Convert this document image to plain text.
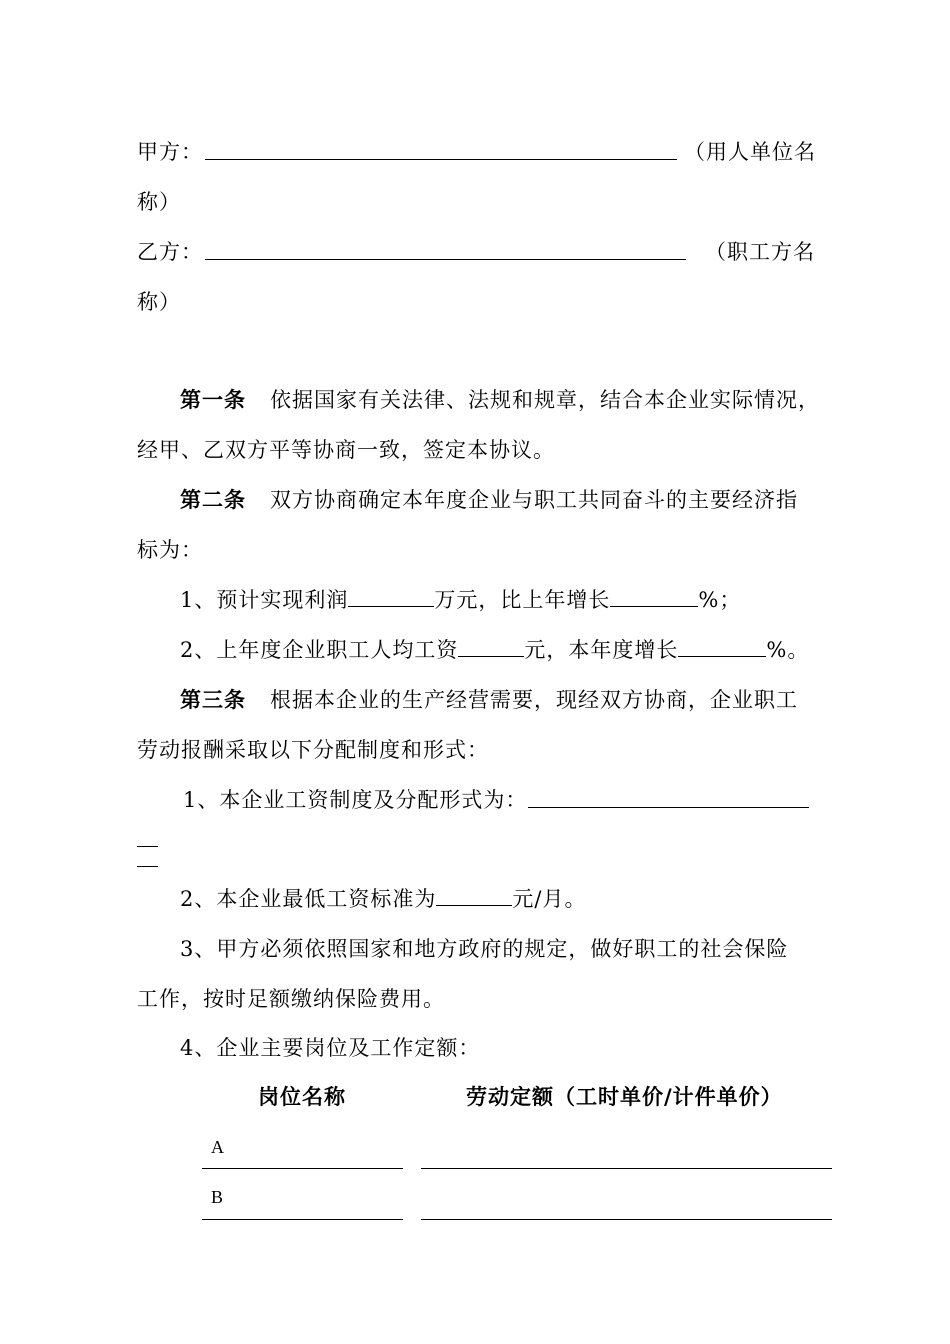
甲方：	（用人单位名
称）
乙方：	（职工方名
称）
第一条 依据国家有关法律、法规和规章，结合本企业实际情况，
经甲、乙双方平等协商一致，签定本协议。
第二条 双方协商确定本年度企业与职工共同奋斗的主要经济指
标为：
1、预计实现利润	万元，比上年增长	%；
2、上年度企业职工人均工资	元，本年度增长	%。
第三条 根据本企业的生产经营需要，现经双方协商，企业职工
劳动报酬采取以下分配制度和形式：
1、本企业工资制度及分配形式为：
2、本企业最低工资标准为	元/月。
3、甲方必须依照国家和地方政府的规定，做好职工的社会保险
工作，按时足额缴纳保险费用。
4、企业主要岗位及工作定额：
岗位名称	劳动定额（工时单价/计件单价）
A
B
